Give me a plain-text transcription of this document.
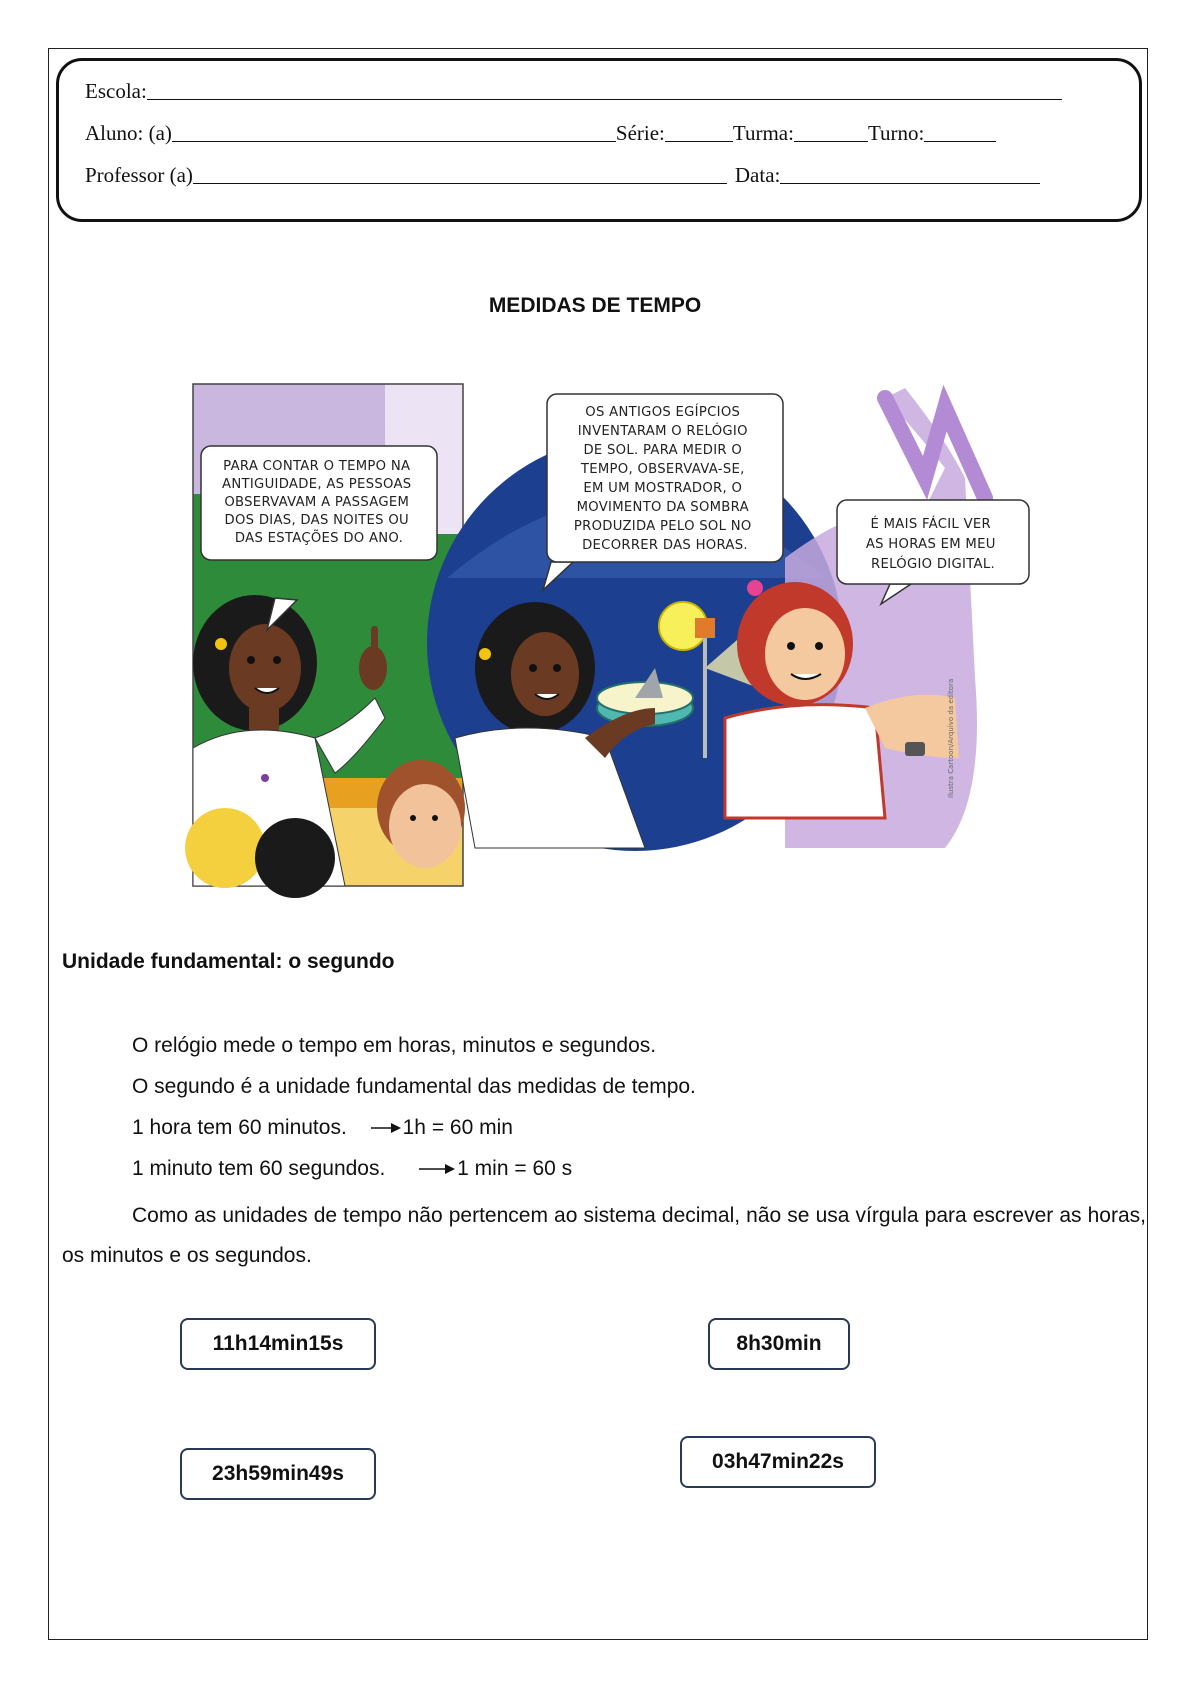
Escola:
Aluno: (a)	Série:	Turma:	Turno:
Professor (a)	Data:
MEDIDAS DE TEMPO
Ilustra Cartoon/Arquivo da editora
PARA CONTAR O TEMPO NA ANTIGUIDADE, AS PESSOAS OBSERVAVAM A PASSAGEM DOS DIAS, DAS NOITES OU DAS ESTAÇÕES DO ANO.
OS ANTIGOS EGÍPCIOS INVENTARAM O RELÓGIO DE SOL. PARA MEDIR O TEMPO, OBSERVAVA-SE, EM UM MOSTRADOR, O MOVIMENTO DA SOMBRA PRODUZIDA PELO SOL NO DECORRER DAS HORAS.
É MAIS FÁCIL VER AS HORAS EM MEU RELÓGIO DIGITAL.
Unidade fundamental: o segundo
O relógio mede o tempo em horas, minutos e segundos.
O segundo é a unidade fundamental das medidas de tempo.
1 hora tem 60 minutos.	1h = 60 min
1 minuto tem 60 segundos.	1 min = 60 s
Como as unidades de tempo não pertencem ao sistema decimal, não se usa vírgula para escrever as horas, os minutos e os segundos.
11h14min15s	8h30min
23h59min49s
03h47min22s
